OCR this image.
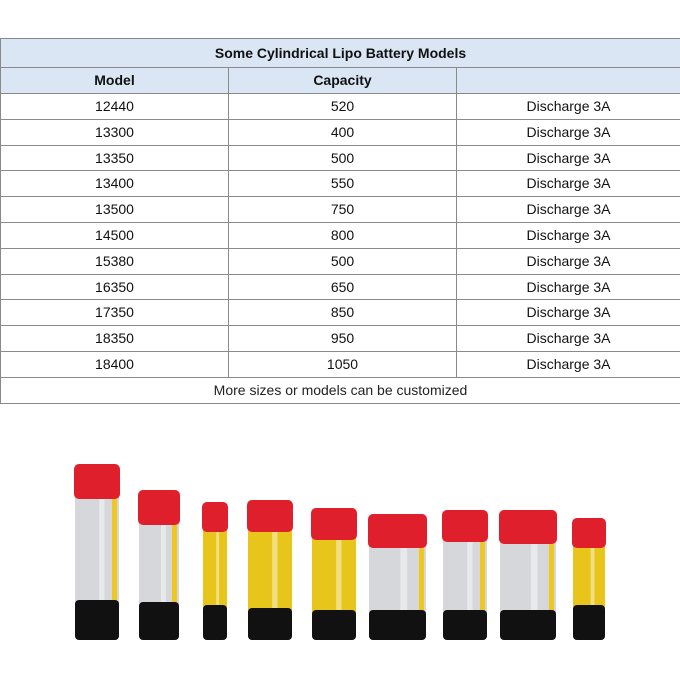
Some Cylindrical Lipo Battery Models		
Model	Capacity	
12440	520	Discharge 3A
13300	400	Discharge 3A
13350	500	Discharge 3A
13400	550	Discharge 3A
13500	750	Discharge 3A
14500	800	Discharge 3A
15380	500	Discharge 3A
16350	650	Discharge 3A
17350	850	Discharge 3A
18350	950	Discharge 3A
18400	1050	Discharge 3A
More sizes or models can be customized		
